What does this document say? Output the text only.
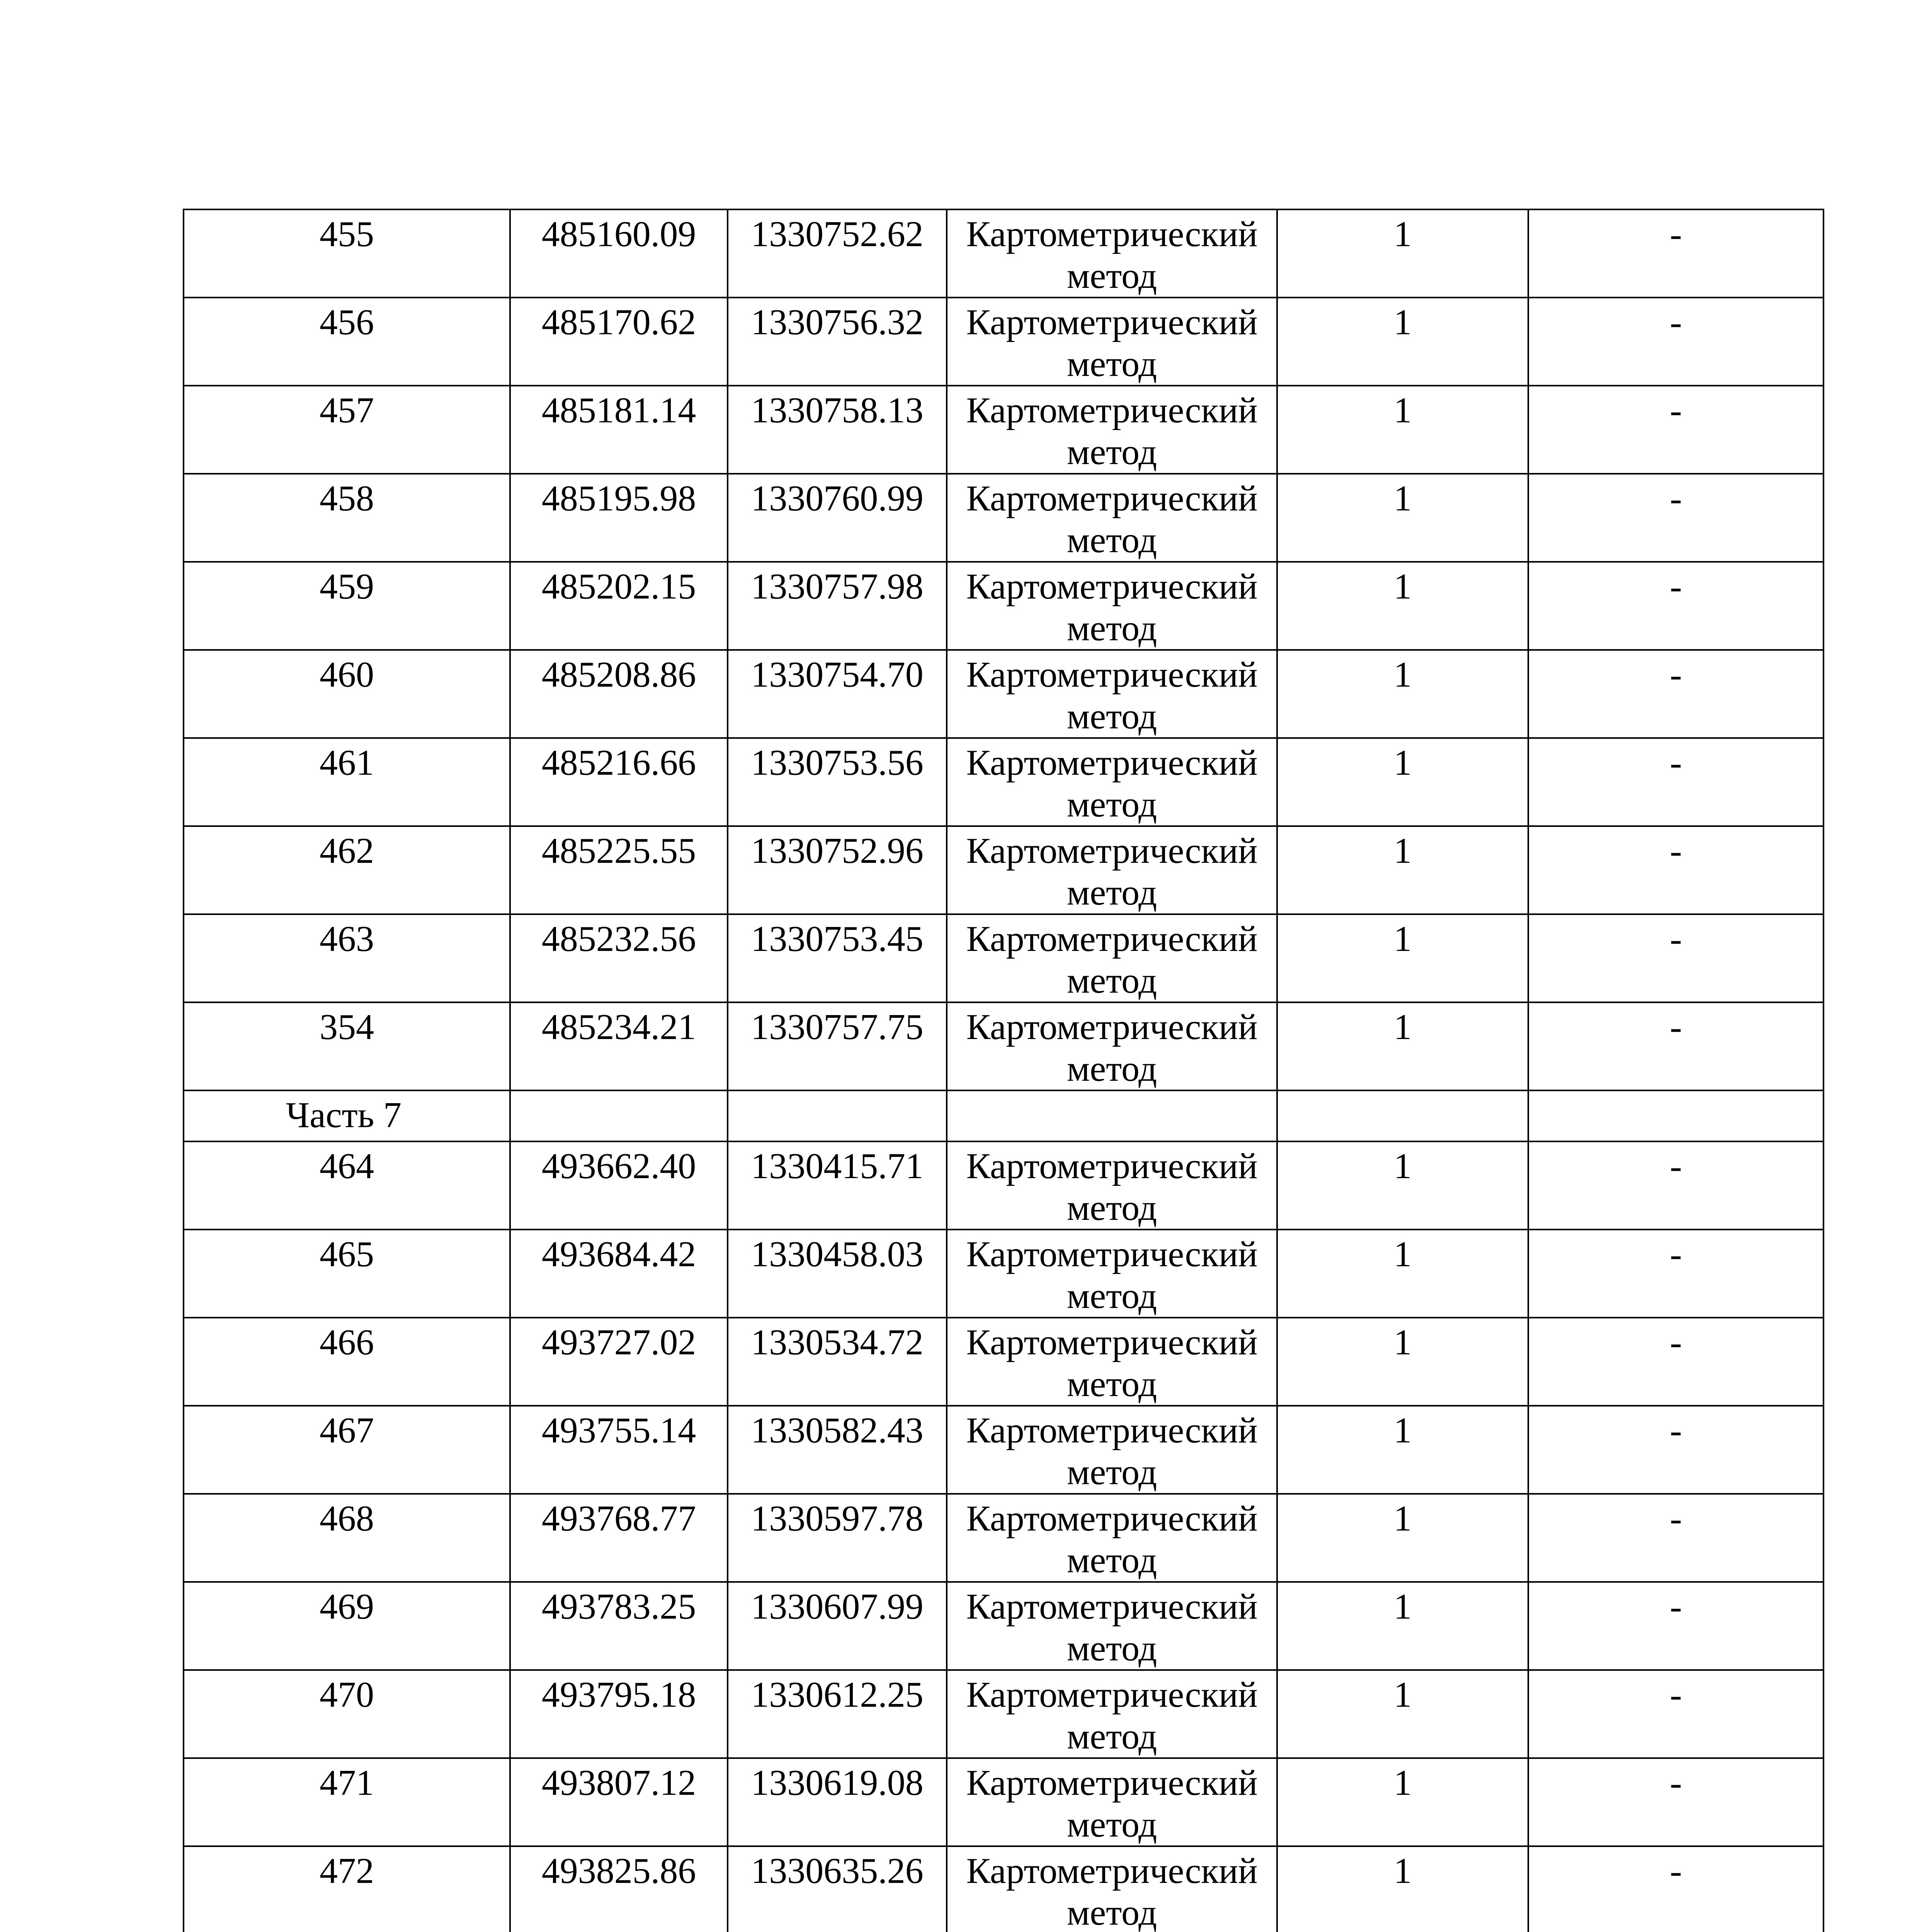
455	485160.09	1330752.62	Картометрический метод	1	-

456	485170.62	1330756.32	Картометрический метод	1	-

457	485181.14	1330758.13	Картометрический метод	1	-

458	485195.98	1330760.99	Картометрический метод	1	-

459	485202.15	1330757.98	Картометрический метод	1	-

460	485208.86	1330754.70	Картометрический метод	1	-

461	485216.66	1330753.56	Картометрический метод	1	-

462	485225.55	1330752.96	Картометрический метод	1	-

463	485232.56	1330753.45	Картометрический метод	1	-

354	485234.21	1330757.75	Картометрический метод	1	-

Часть 7					

464	493662.40	1330415.71	Картометрический метод	1	-

465	493684.42	1330458.03	Картометрический метод	1	-

466	493727.02	1330534.72	Картометрический метод	1	-

467	493755.14	1330582.43	Картометрический метод	1	-

468	493768.77	1330597.78	Картометрический метод	1	-

469	493783.25	1330607.99	Картометрический метод	1	-

470	493795.18	1330612.25	Картометрический метод	1	-

471	493807.12	1330619.08	Картометрический метод	1	-

472	493825.86	1330635.26	Картометрический метод	1	-
